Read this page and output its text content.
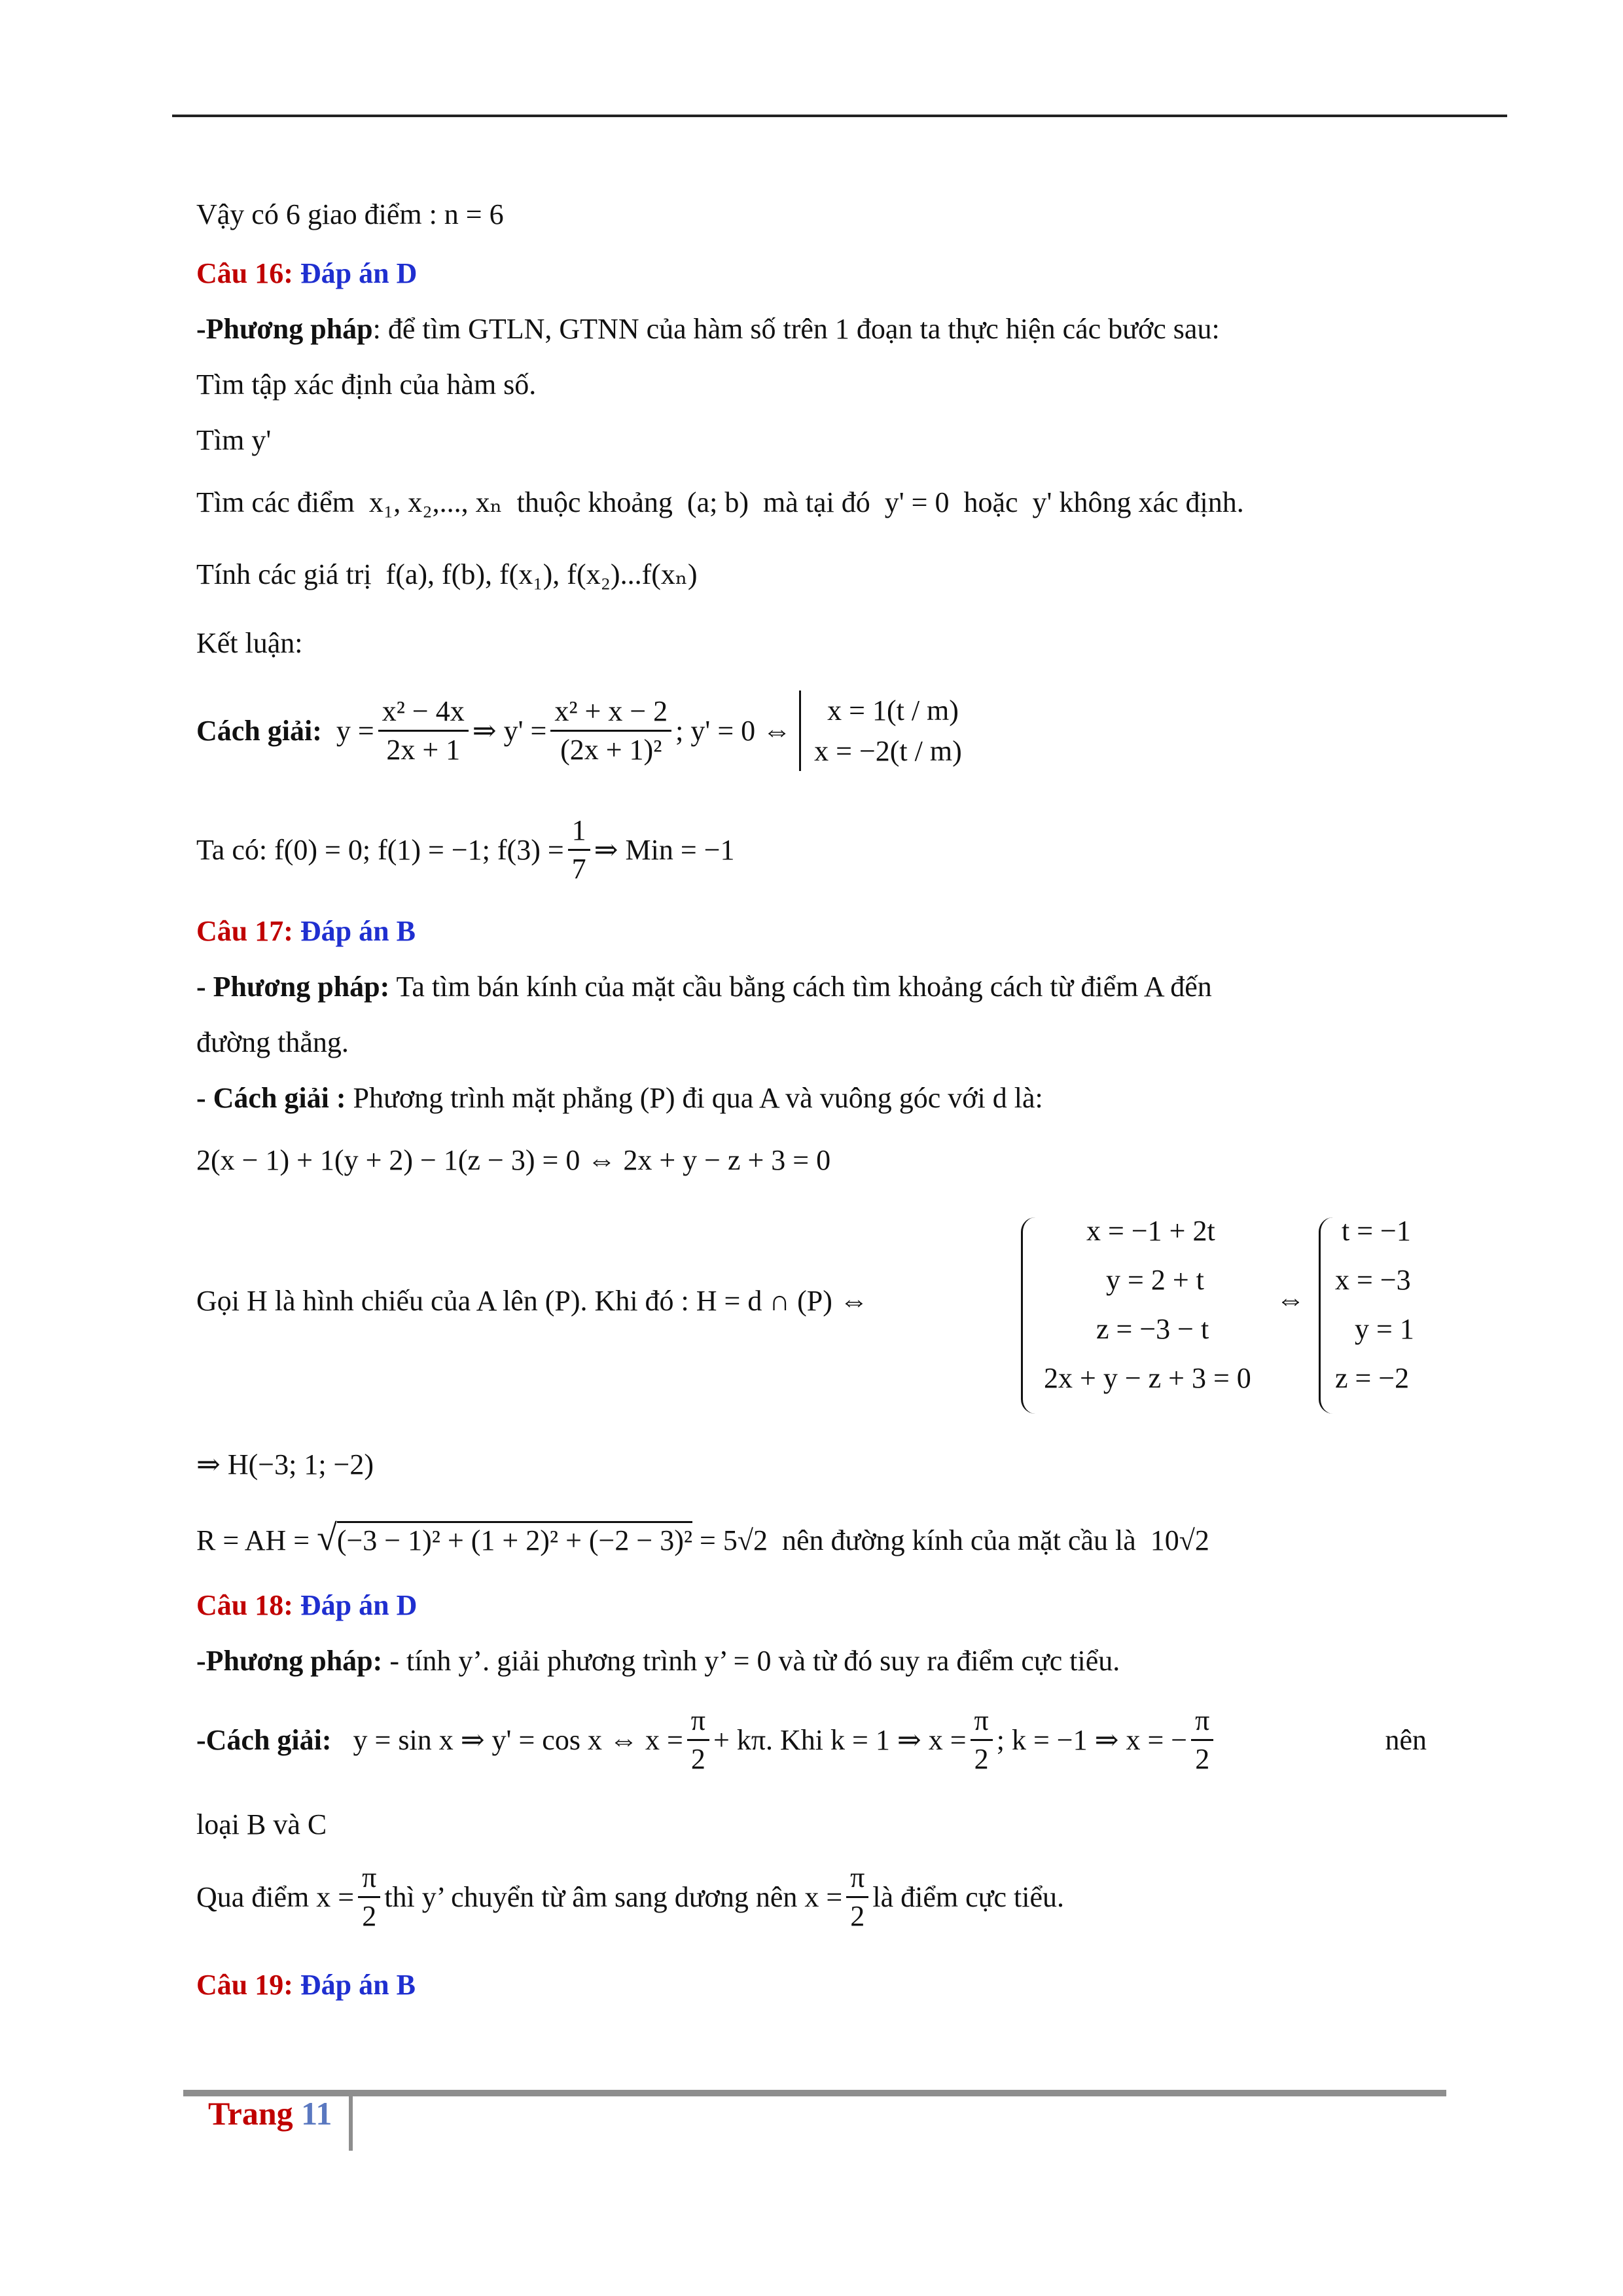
Vậy có 6 giao điểm : n = 6
Câu 16: Đáp án D
-Phương pháp: để tìm GTLN, GTNN của hàm số trên 1 đoạn ta thực hiện các bước sau:
Tìm tập xác định của hàm số.
Tìm y'
Tìm các điểm x₁, x₂,..., xₙ thuộc khoảng (a; b) mà tại đó y' = 0 hoặc y' không xác định.
Tính các giá trị f(a), f(b), f(x₁), f(x₂)...f(xₙ)
Kết luận:
Cách giải:
$y = \frac{\text{x² − 4x}}{2x + 1}$ ⇒ $y' = \frac{\text{x² + x − 2}}{\text{(2x + 1)²}}$ ; y' = 0 ⇔
x = 1(t / m)
x = −2(t / m)
Ta có: f(0) = 0; f(1) = −1; $f(3) = \frac{1}{7}$ ⇒ Min = −1
Câu 17: Đáp án B
- Phương pháp: Ta tìm bán kính của mặt cầu bằng cách tìm khoảng cách từ điểm A đến
đường thẳng.
- Cách giải : Phương trình mặt phẳng (P) đi qua A và vuông góc với d là:
2(x − 1) + 1(y + 2) − 1(z − 3) = 0 ⇔ 2x + y − z + 3 = 0
Gọi H là hình chiếu của A lên (P). Khi đó : H = d ∩ (P) ⇔
x = −1 + 2t
y = 2 + t
z = −3 − t
2x + y − z + 3 = 0
⇔
t = −1
x = −3
y = 1
z = −2
⇒ H(−3; 1; −2)
R = AH = √(−3 − 1)² + (1 + 2)² + (−2 − 3)² = 5√2 nên đường kính của mặt cầu là 10√2
Câu 18: Đáp án D
-Phương pháp: - tính y’. giải phương trình y’ = 0 và từ đó suy ra điểm cực tiểu.
-Cách giải:
y = sin x ⇒ y' = cos x ⇔ $x = \frac{\pi}{2} + k\pi$. Khi k = 1 ⇒ $x = \frac{\pi}{2}$ ; k = −1 ⇒ x = − $\frac{\pi}{2}$	nên
loại B và C
Qua điểm $x = \frac{\pi}{2}$ thì y’ chuyển từ âm sang dương nên $x = \frac{\pi}{2}$ là điểm cực tiểu.
Câu 19: Đáp án B
Trang 11
